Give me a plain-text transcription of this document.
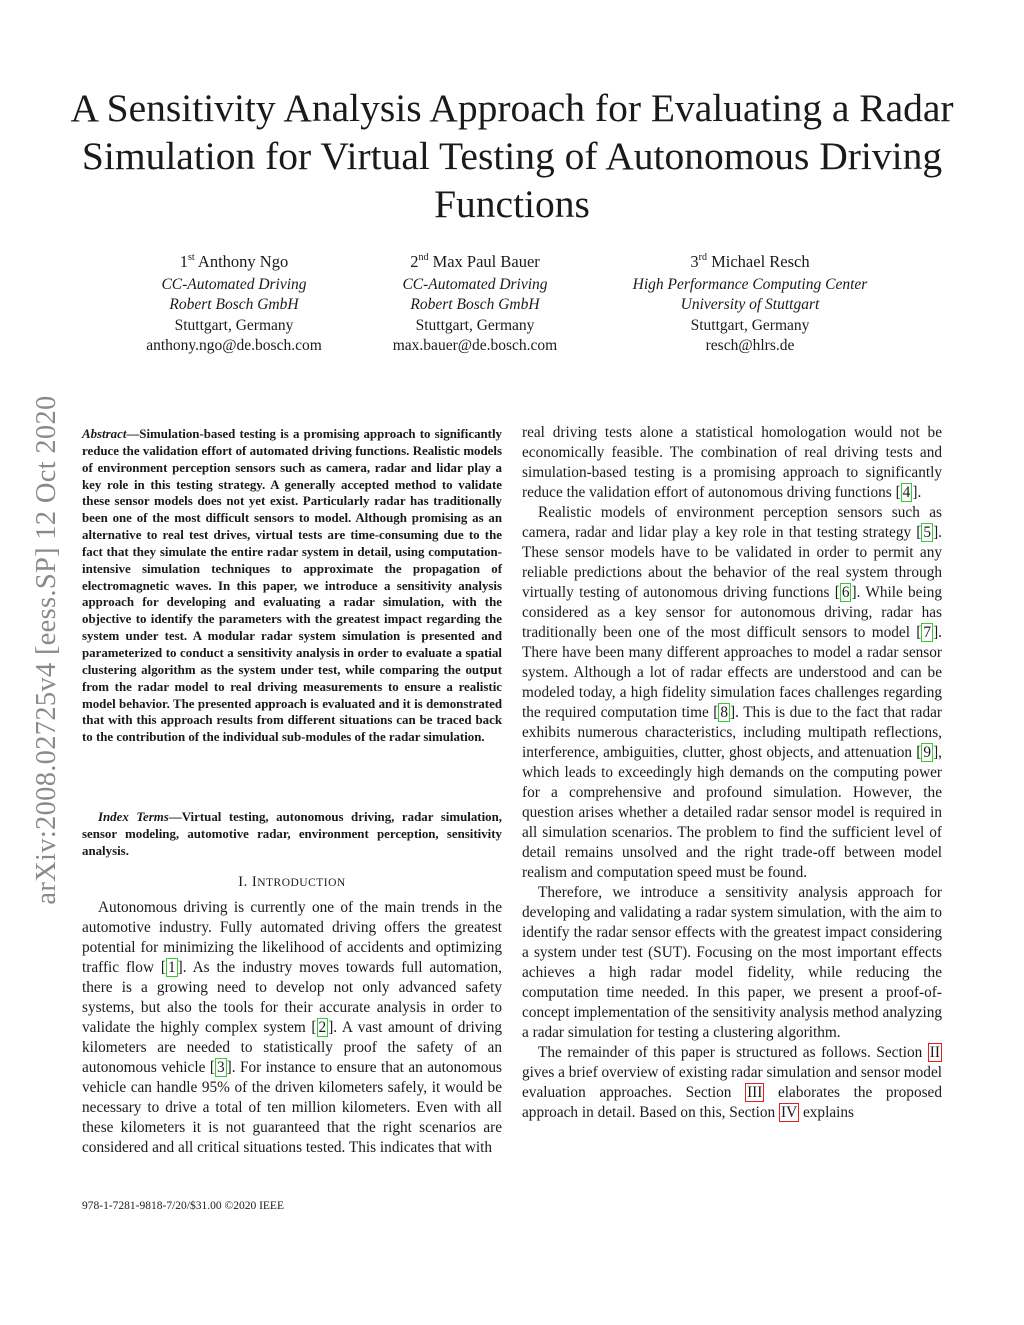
arXiv:2008.02725v4 [eess.SP] 12 Oct 2020
A Sensitivity Analysis Approach for Evaluating a Radar Simulation for Virtual Testing of Autonomous Driving Functions
1st Anthony Ngo
CC-Automated Driving
Robert Bosch GmbH
Stuttgart, Germany
anthony.ngo@de.bosch.com
2nd Max Paul Bauer
CC-Automated Driving
Robert Bosch GmbH
Stuttgart, Germany
max.bauer@de.bosch.com
3rd Michael Resch
High Performance Computing Center
University of Stuttgart
Stuttgart, Germany
resch@hlrs.de
Abstract—Simulation-based testing is a promising approach to significantly reduce the validation effort of automated driving functions. Realistic models of environment perception sensors such as camera, radar and lidar play a key role in this testing strategy. A generally accepted method to validate these sensor models does not yet exist. Particularly radar has traditionally been one of the most difficult sensors to model. Although promising as an alternative to real test drives, virtual tests are time-consuming due to the fact that they simulate the entire radar system in detail, using computation-intensive simulation techniques to approximate the propagation of electromagnetic waves. In this paper, we introduce a sensitivity analysis approach for developing and evaluating a radar simulation, with the objective to identify the parameters with the greatest impact regarding the system under test. A modular radar system simulation is presented and parameterized to conduct a sensitivity analysis in order to evaluate a spatial clustering algorithm as the system under test, while comparing the output from the radar model to real driving measurements to ensure a realistic model behavior. The presented approach is evaluated and it is demonstrated that with this approach results from different situations can be traced back to the contribution of the individual sub-modules of the radar simulation.
Index Terms—Virtual testing, autonomous driving, radar simulation, sensor modeling, automotive radar, environment perception, sensitivity analysis.
I. INTRODUCTION

Autonomous driving is currently one of the main trends in the automotive industry. Fully automated driving offers the greatest potential for minimizing the likelihood of accidents and optimizing traffic flow [ 1 ]. As the industry moves towards full automation, there is a growing need to develop not only advanced safety systems, but also the tools for their accurate analysis in order to validate the highly complex system [ 2 ]. A vast amount of driving kilometers are needed to statistically proof the safety of an autonomous vehicle [ 3 ]. For instance to ensure that an autonomous vehicle can handle 95% of the driven kilometers safely, it would be necessary to drive a total of ten million kilometers. Even with all these kilometers it is not guaranteed that the right scenarios are considered and all critical situations tested. This indicates that with

real driving tests alone a statistical homologation would not be economically feasible. The combination of real driving tests and simulation-based testing is a promising approach to significantly reduce the validation effort of autonomous driving functions [ 4 ].

Realistic models of environment perception sensors such as camera, radar and lidar play a key role in that testing strategy [ 5 ]. These sensor models have to be validated in order to permit any reliable predictions about the behavior of the real system through virtually testing of autonomous driving functions [ 6 ]. While being considered as a key sensor for autonomous driving, radar has traditionally been one of the most difficult sensors to model [ 7 ]. There have been many different approaches to model a radar sensor system. Although a lot of radar effects are understood and can be modeled today, a high fidelity simulation faces challenges regarding the required computation time [ 8 ]. This is due to the fact that radar exhibits numerous characteristics, including multipath reflections, interference, ambiguities, clutter, ghost objects, and attenuation [ 9 ], which leads to exceedingly high demands on the computing power for a comprehensive and profound simulation. However, the question arises whether a detailed radar sensor model is required in all simulation scenarios. The problem to find the sufficient level of detail remains unsolved and the right trade-off between model realism and computation speed must be found.

Therefore, we introduce a sensitivity analysis approach for developing and validating a radar system simulation, with the aim to identify the radar sensor effects with the greatest impact considering a system under test (SUT). Focusing on the most important effects achieves a high radar model fidelity, while reducing the computation time needed. In this paper, we present a proof-of-concept implementation of the sensitivity analysis method analyzing a radar simulation for testing a clustering algorithm.

The remainder of this paper is structured as follows. Section II gives a brief overview of existing radar simulation and sensor model evaluation approaches. Section III elaborates the proposed approach in detail. Based on this, Section IV explains

978-1-7281-9818-7/20/$31.00 ©2020 IEEE
